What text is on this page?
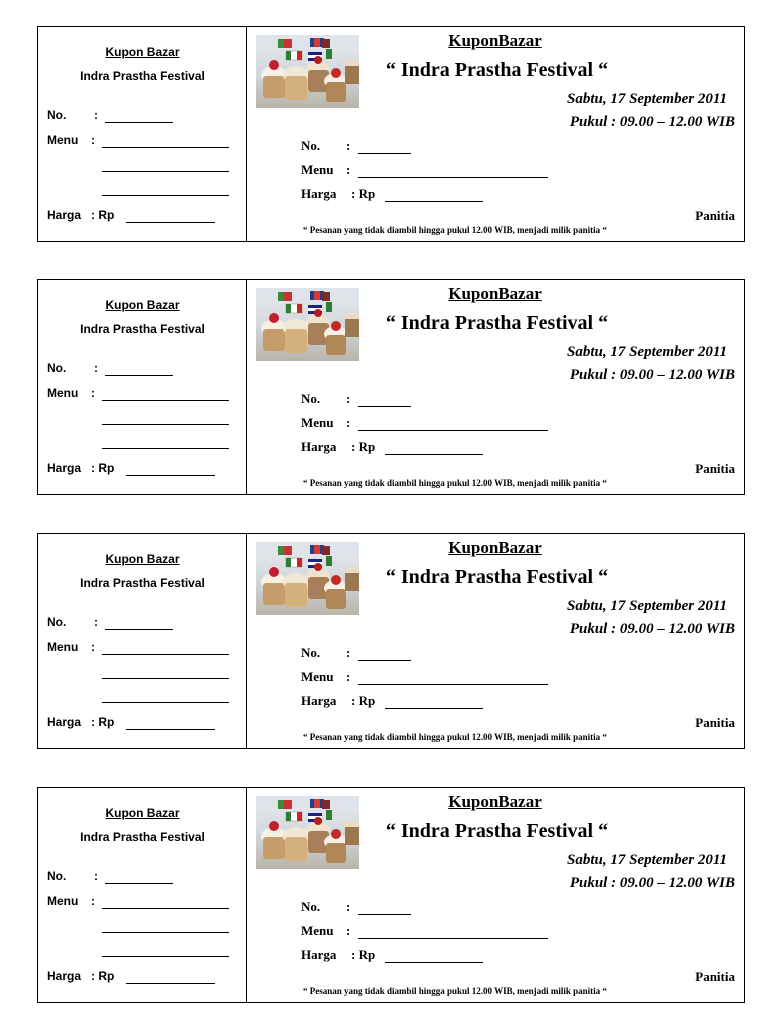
Kupon Bazar
Indra Prastha Festival
No. :
Menu :
Harga : Rp
KuponBazar
“ Indra Prastha Festival “
Sabtu, 17 September 2011
Pukul : 09.00 – 12.00 WIB
No. :
Menu :
Harga : Rp
Panitia
“ Pesanan yang tidak diambil hingga pukul 12.00 WIB, menjadi milik panitia “
Kupon Bazar
Indra Prastha Festival
No. :
Menu :
Harga : Rp
KuponBazar
“ Indra Prastha Festival “
Sabtu, 17 September 2011
Pukul : 09.00 – 12.00 WIB
No. :
Menu :
Harga : Rp
Panitia
“ Pesanan yang tidak diambil hingga pukul 12.00 WIB, menjadi milik panitia “
Kupon Bazar
Indra Prastha Festival
No. :
Menu :
Harga : Rp
KuponBazar
“ Indra Prastha Festival “
Sabtu, 17 September 2011
Pukul : 09.00 – 12.00 WIB
No. :
Menu :
Harga : Rp
Panitia
“ Pesanan yang tidak diambil hingga pukul 12.00 WIB, menjadi milik panitia “
Kupon Bazar
Indra Prastha Festival
No. :
Menu :
Harga : Rp
KuponBazar
“ Indra Prastha Festival “
Sabtu, 17 September 2011
Pukul : 09.00 – 12.00 WIB
No. :
Menu :
Harga : Rp
Panitia
“ Pesanan yang tidak diambil hingga pukul 12.00 WIB, menjadi milik panitia “
